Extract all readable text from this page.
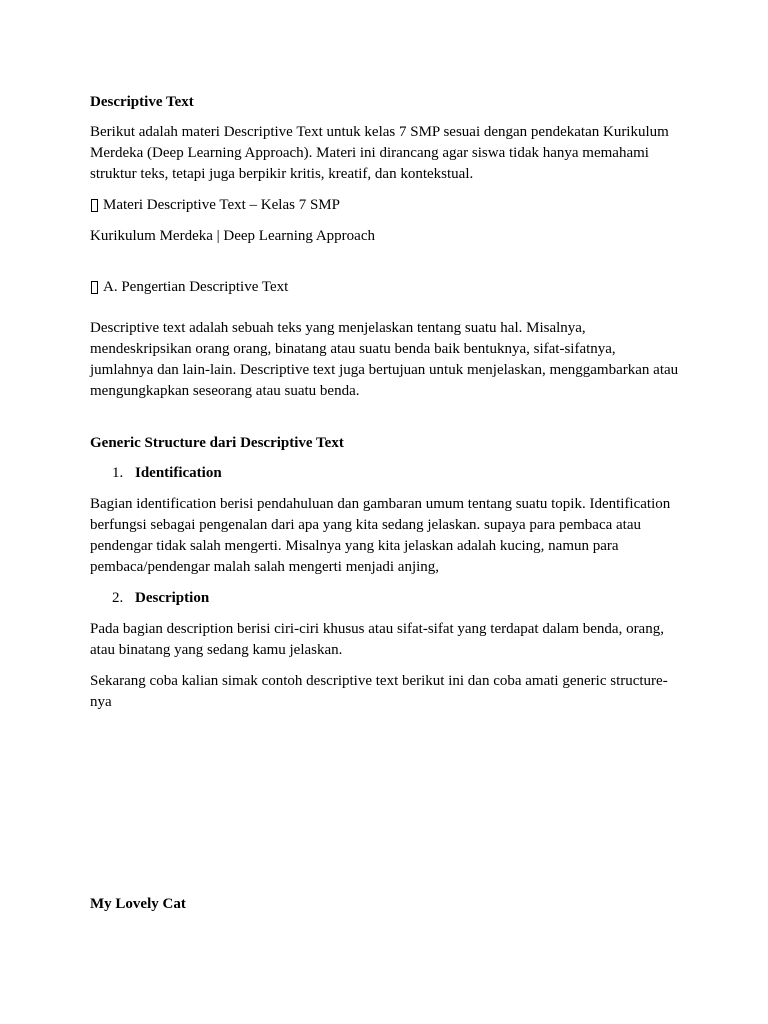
Descriptive Text

Berikut adalah materi Descriptive Text untuk kelas 7 SMP sesuai dengan pendekatan Kurikulum Merdeka (Deep Learning Approach). Materi ini dirancang agar siswa tidak hanya memahami struktur teks, tetapi juga berpikir kritis, kreatif, dan kontekstual.

Materi Descriptive Text – Kelas 7 SMP

Kurikulum Merdeka | Deep Learning Approach

A. Pengertian Descriptive Text

Descriptive text adalah sebuah teks yang menjelaskan tentang suatu hal. Misalnya, mendeskripsikan orang orang, binatang atau suatu benda baik bentuknya, sifat-sifatnya, jumlahnya dan lain-lain. Descriptive text juga bertujuan untuk menjelaskan, menggambarkan atau mengungkapkan seseorang atau suatu benda.

Generic Structure dari Descriptive Text

1. Identification

Bagian identification berisi pendahuluan dan gambaran umum tentang suatu topik. Identification berfungsi sebagai pengenalan dari apa yang kita sedang jelaskan. supaya para pembaca atau pendengar tidak salah mengerti. Misalnya yang kita jelaskan adalah kucing, namun para pembaca/pendengar malah salah mengerti menjadi anjing,

2. Description

Pada bagian description berisi ciri-ciri khusus atau sifat-sifat yang terdapat dalam benda, orang, atau binatang yang sedang kamu jelaskan.

Sekarang coba kalian simak contoh descriptive text berikut ini dan coba amati generic structure-nya

My Lovely Cat
